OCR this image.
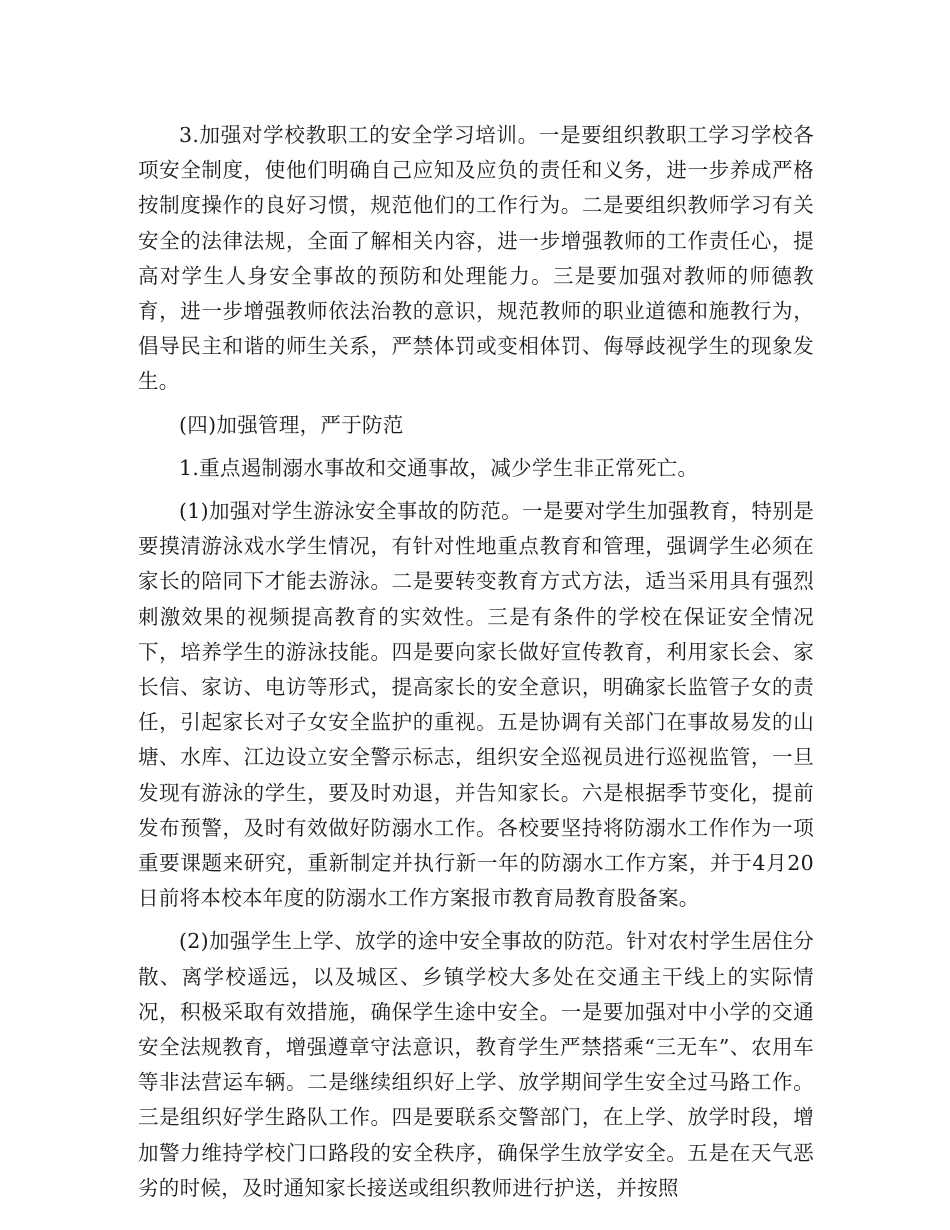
3.加强对学校教职工的安全学习培训。一是要组织教职工学习学校各项安全制度，使他们明确自己应知及应负的责任和义务，进一步养成严格按制度操作的良好习惯，规范他们的工作行为。二是要组织教师学习有关安全的法律法规，全面了解相关内容，进一步增强教师的工作责任心，提高对学生人身安全事故的预防和处理能力。三是要加强对教师的师德教育，进一步增强教师依法治教的意识，规范教师的职业道德和施教行为，倡导民主和谐的师生关系，严禁体罚或变相体罚、侮辱歧视学生的现象发生。

(四)加强管理，严于防范

1.重点遏制溺水事故和交通事故，减少学生非正常死亡。

(1)加强对学生游泳安全事故的防范。一是要对学生加强教育，特别是要摸清游泳戏水学生情况，有针对性地重点教育和管理，强调学生必须在家长的陪同下才能去游泳。二是要转变教育方式方法，适当采用具有强烈刺激效果的视频提高教育的实效性。三是有条件的学校在保证安全情况下，培养学生的游泳技能。四是要向家长做好宣传教育，利用家长会、家长信、家访、电访等形式，提高家长的安全意识，明确家长监管子女的责任，引起家长对子女安全监护的重视。五是协调有关部门在事故易发的山塘、水库、江边设立安全警示标志，组织安全巡视员进行巡视监管，一旦发现有游泳的学生，要及时劝退，并告知家长。六是根据季节变化，提前发布预警，及时有效做好防溺水工作。各校要坚持将防溺水工作作为一项重要课题来研究，重新制定并执行新一年的防溺水工作方案，并于4月20日前将本校本年度的防溺水工作方案报市教育局教育股备案。

(2)加强学生上学、放学的途中安全事故的防范。针对农村学生居住分散、离学校遥远，以及城区、乡镇学校大多处在交通主干线上的实际情况，积极采取有效措施，确保学生途中安全。一是要加强对中小学的交通安全法规教育，增强遵章守法意识，教育学生严禁搭乘“三无车”、农用车等非法营运车辆。二是继续组织好上学、放学期间学生安全过马路工作。三是组织好学生路队工作。四是要联系交警部门，在上学、放学时段，增加警力维持学校门口路段的安全秩序，确保学生放学安全。五是在天气恶劣的时候，及时通知家长接送或组织教师进行护送，并按照
